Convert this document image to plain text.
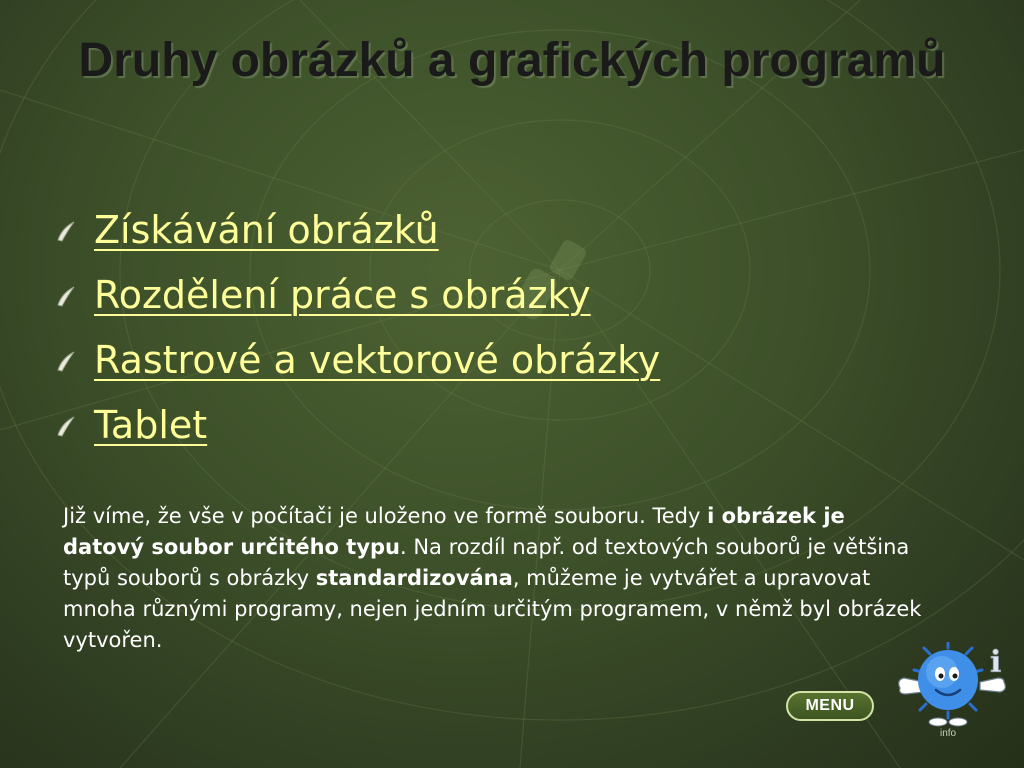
Druhy obrázků a grafických programů
Získávání obrázků
Rozdělení práce s obrázky
Rastrové a vektorové obrázky
Tablet

Již víme, že vše v počítači je uloženo ve formě souboru. Tedy i obrázek je datový soubor určitého typu. Na rozdíl např. od textových souborů je většina typů souborů s obrázky standardizována, můžeme je vytvářet a upravovat mnoha různými programy, nejen jedním určitým programem, v němž byl obrázek vytvořen.

MENU
i
info
